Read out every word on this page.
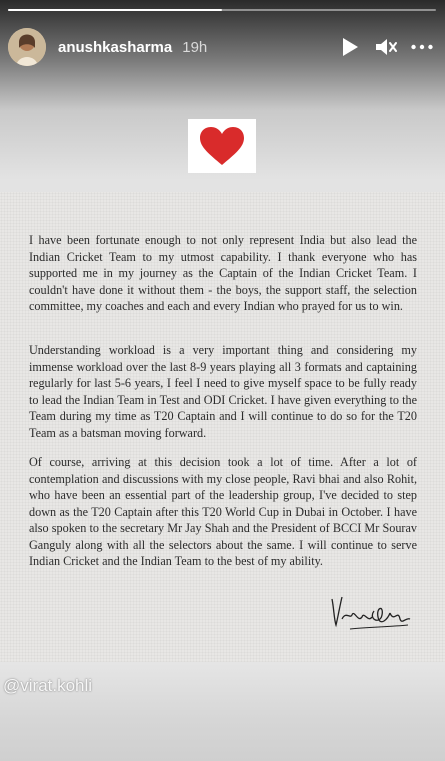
anushkasharma 19h

I have been fortunate enough to not only represent India but also lead the Indian Cricket Team to my utmost capability. I thank everyone who has supported me in my journey as the Captain of the Indian Cricket Team. I couldn't have done it without them - the boys, the support staff, the selection committee, my coaches and each and every Indian who prayed for us to win.

Understanding workload is a very important thing and considering my immense workload over the last 8-9 years playing all 3 formats and captaining regularly for last 5-6 years, I feel I need to give myself space to be fully ready to lead the Indian Team in Test and ODI Cricket. I have given everything to the Team during my time as T20 Captain and I will continue to do so for the T20 Team as a batsman moving forward.

Of course, arriving at this decision took a lot of time. After a lot of contemplation and discussions with my close people, Ravi bhai and also Rohit, who have been an essential part of the leadership group, I've decided to step down as the T20 Captain after this T20 World Cup in Dubai in October. I have also spoken to the secretary Mr Jay Shah and the President of BCCI Mr Sourav Ganguly along with all the selectors about the same. I will continue to serve Indian Cricket and the Indian Team to the best of my ability.

@virat.kohli
